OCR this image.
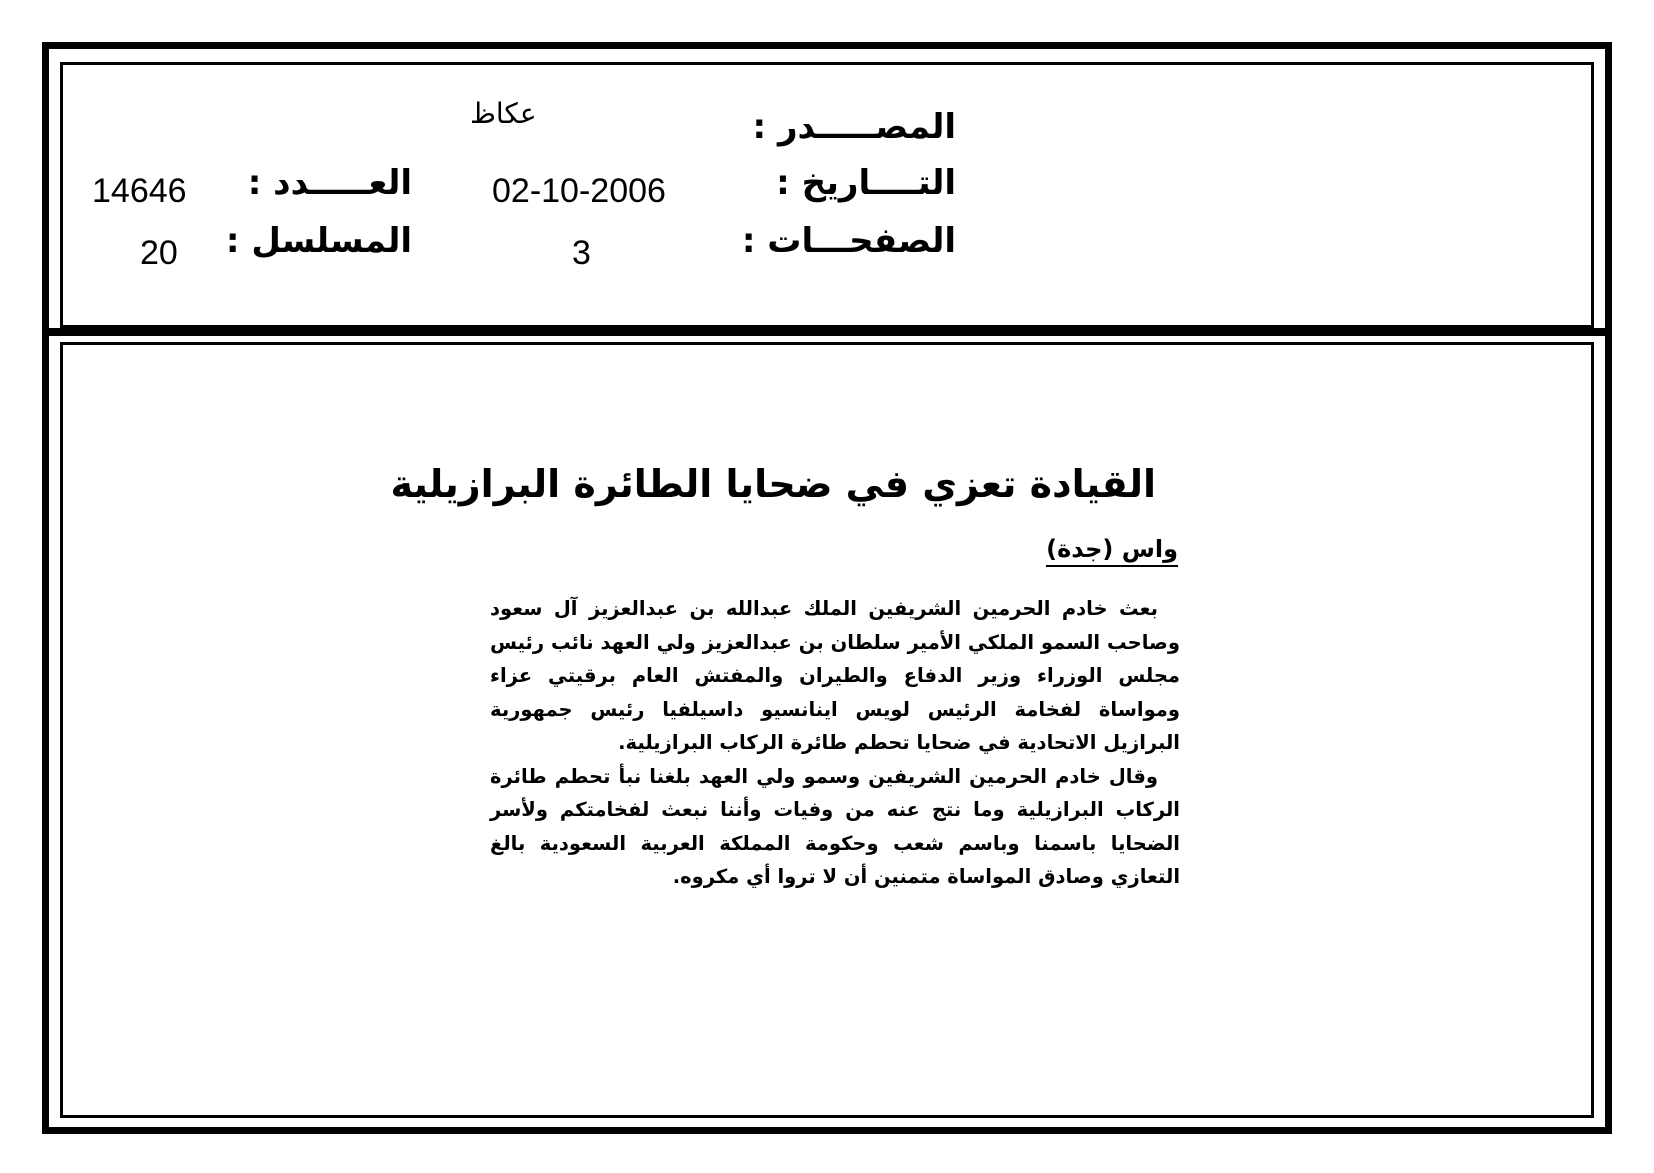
المصـــــدر :
التــــاريخ :
الصفحـــات :
عكاظ
02-10-2006
3
العـــــدد :
المسلسل :
14646
20
القيادة تعزي في ضحايا الطائرة البرازيلية
واس (جدة)

بعث خادم الحرمين الشريفين الملك عبدالله بن عبدالعزيز آل سعود وصاحب السمو الملكي الأمير سلطان بن عبدالعزيز ولي العهد نائب رئيس مجلس الوزراء وزير الدفاع والطيران والمفتش العام برقيتي عزاء ومواساة لفخامة الرئيس لويس اينانسيو داسيلفيا رئيس جمهورية البرازيل الاتحادية في ضحايا تحطم طائرة الركاب البرازيلية.

وقال خادم الحرمين الشريفين وسمو ولي العهد بلغنا نبأ تحطم طائرة الركاب البرازيلية وما نتج عنه من وفيات وأننا نبعث لفخامتكم ولأسر الضحايا باسمنا وباسم شعب وحكومة المملكة العربية السعودية بالغ التعازي وصادق المواساة متمنين أن لا تروا أي مكروه.
